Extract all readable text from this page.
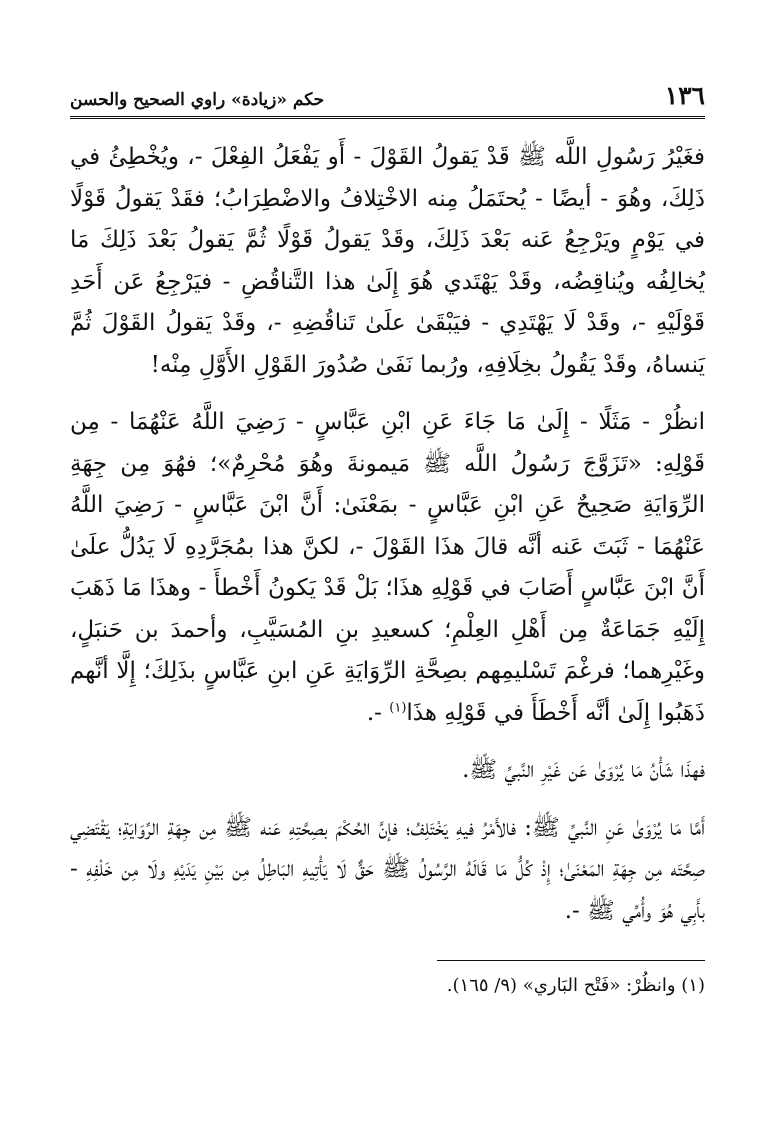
١٣٦
حكم «زيادة» راوي الصحيح والحسن

فغَيْرُ رَسُولِ اللَّه ﷺ قَدْ يَقولُ القَوْلَ - أَو يَفْعَلُ الفِعْلَ -، ويُخْطِئُ في ذَلِكَ، وهُوَ - أيضًا - يُحتَمَلُ مِنه الاخْتِلافُ والاضْطِرَابُ؛ فقَدْ يَقولُ قَوْلًا في يَوْمٍ ويَرْجِعُ عَنه بَعْدَ ذَلِكَ، وقَدْ يَقولُ قَوْلًا ثُمَّ يَقولُ بَعْدَ ذَلِكَ مَا يُخالِفُه ويُناقِضُه، وقَدْ يَهْتَدي هُوَ إِلَىٰ هذا التَّناقُضِ - فيَرْجِعُ عَن أَحَدِ قَوْلَيْهِ -، وقَدْ لَا يَهْتَدِي - فيَبْقَىٰ علَىٰ تَناقُضِهِ -، وقَدْ يَقولُ القَوْلَ ثُمَّ يَنساهُ، وقَدْ يَقُولُ بخِلَافِهِ، ورُبما نَفَىٰ صُدُورَ القَوْلِ الأَوَّلِ مِنْه!

انظُرْ - مَثَلًا - إِلَىٰ مَا جَاءَ عَنِ ابْنِ عَبَّاسٍ - رَضِيَ اللَّهُ عَنْهُمَا - مِن قَوْلِهِ: «تَزَوَّجَ رَسُولُ اللَّه ﷺ مَيمونةَ وهُوَ مُحْرِمٌ»؛ فهُوَ مِن جِهَةِ الرِّوَايَةِ صَحِيحٌ عَنِ ابْنِ عَبَّاسٍ - بمَعْنَىٰ: أَنَّ ابْنَ عَبَّاسٍ - رَضِيَ اللَّهُ عَنْهُمَا - ثَبَتَ عَنه أنَّه قالَ هذَا القَوْلَ -، لكنَّ هذا بمُجَرَّدِهِ لَا يَدُلُّ علَىٰ أَنَّ ابْنَ عَبَّاسٍ أَصَابَ في قَوْلِهِ هذَا؛ بَلْ قَدْ يَكونُ أَخْطأَ - وهذَا مَا ذَهَبَ إِلَيْهِ جَمَاعَةٌ مِن أَهْلِ العِلْمِ؛ كسعيدِ بنِ المُسَيَّبِ، وأحمدَ بن حَنبَلٍ، وغَيْرِهما؛ فرغْمَ تَسْليمِهم بصِحَّةِ الرِّوَايَةِ عَنِ ابنِ عَبَّاسٍ بذَلِكَ؛ إِلَّا أنَّهم ذَهَبُوا إِلَىٰ أنَّه أَخْطَأَ في قَوْلِهِ هذَا$^{(١)}$ -.

فهذَا شَأْنُ مَا يُرْوَىٰ عَن غَيْرِ النَّبيِّ ﷺ.

أَمَّا مَا يُرْوَىٰ عَنِ النَّبيِّ ﷺ: فالأَمْرُ فيهِ يَخْتَلِفُ؛ فإنَّ الحُكْمَ بصِحَّتِهِ عَنه ﷺ مِن جِهَةِ الرِّوَايَةِ؛ يَقْتَضِي صِحَّتَه مِن جِهَةِ المَعْنَىٰ؛ إِذْ كُلُّ مَا قَالَهُ الرَّسُولُ ﷺ حَقٌّ لَا يَأْتِيهِ البَاطِلُ مِن بَيْنِ يَدَيْهِ ولَا مِن خَلْفِهِ - بأَبِي هُوَ وأُمِّي ﷺ -.

(١) وانظُرْ: «فَتْح البَاري» (٩/ ١٦٥).
